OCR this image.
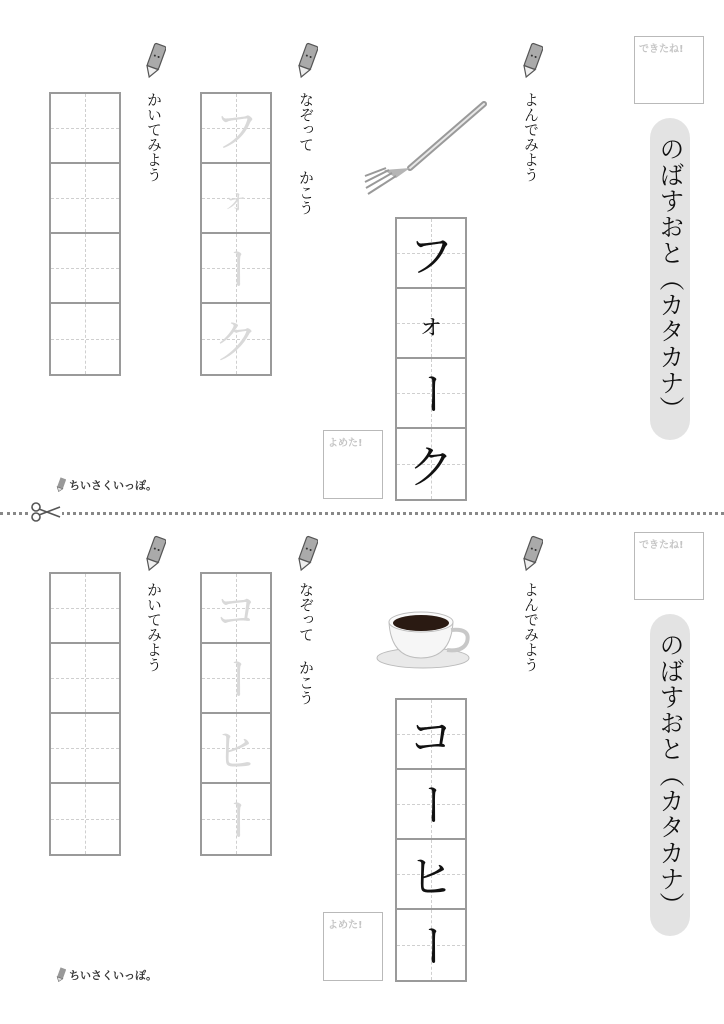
できたね!
のばすおと（カタカナ）
よんでみよう
フ
ォ
ー
ク
よめた!
なぞって かこう
フ
ォ
ー
ク
かいてみよう
ちいさくいっぽ。
できたね!
のばすおと（カタカナ）
よんでみよう
コ
ー
ヒ
ー
よめた!
なぞって かこう
コ
ー
ヒ
ー
かいてみよう
ちいさくいっぽ。
